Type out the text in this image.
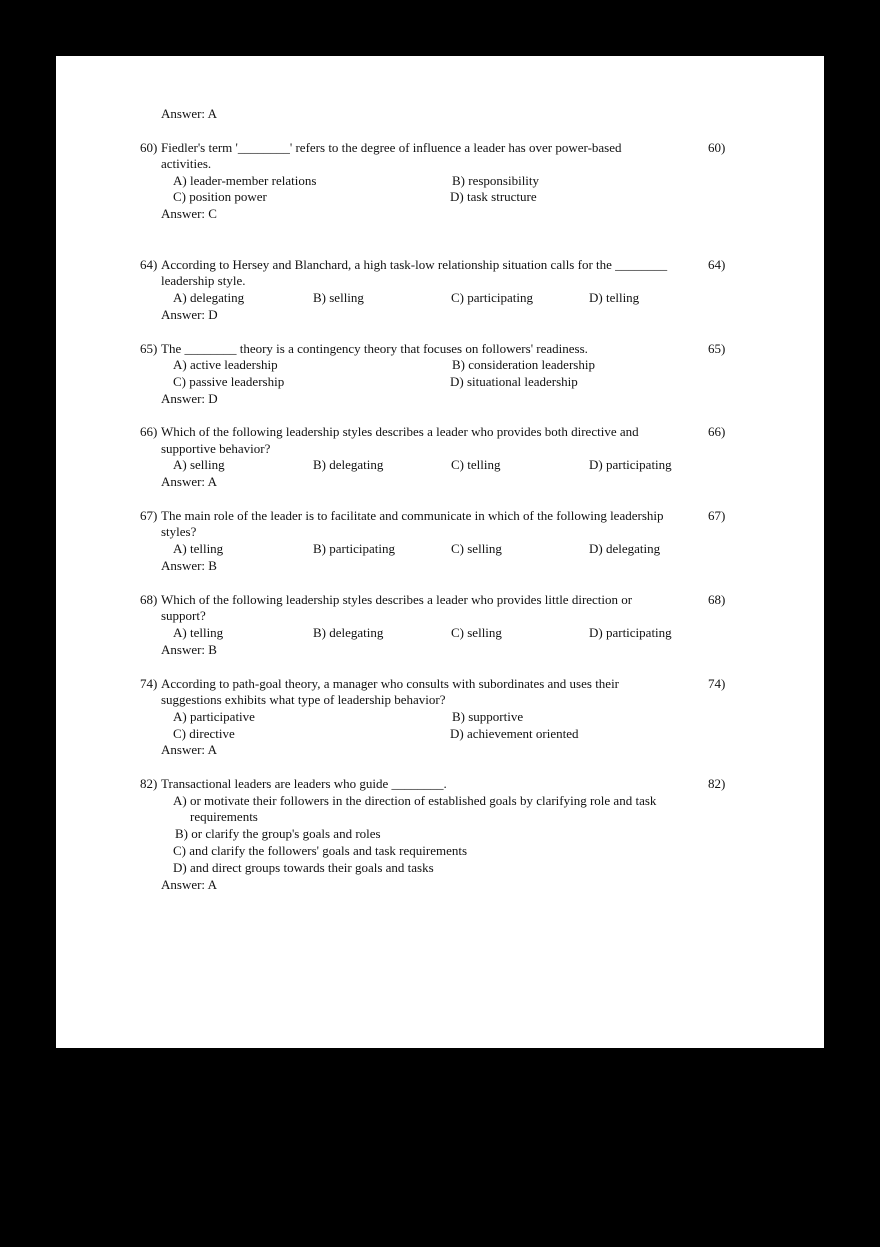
Answer: A
60) Fiedler's term '________' refers to the degree of influence a leader has over power-based
activities.
A) leader-member relations	B) responsibility
C) position power	D) task structure
Answer: C
60)
64) According to Hersey and Blanchard, a high task-low relationship situation calls for the ________
leadership style.
A) delegating	B) selling	C) participating	D) telling
Answer: D
64)
65) The ________ theory is a contingency theory that focuses on followers' readiness.
A) active leadership	B) consideration leadership
C) passive leadership	D) situational leadership
Answer: D
65)
66) Which of the following leadership styles describes a leader who provides both directive and
supportive behavior?
A) selling	B) delegating	C) telling	D) participating
Answer: A
66)
67) The main role of the leader is to facilitate and communicate in which of the following leadership
styles?
A) telling	B) participating	C) selling	D) delegating
Answer: B
67)
68) Which of the following leadership styles describes a leader who provides little direction or
support?
A) telling	B) delegating	C) selling	D) participating
Answer: B
68)
74) According to path-goal theory, a manager who consults with subordinates and uses their
suggestions exhibits what type of leadership behavior?
A) participative	B) supportive
C) directive	D) achievement oriented
Answer: A
74)
82) Transactional leaders are leaders who guide ________.
A) or motivate their followers in the direction of established goals by clarifying role and task
requirements
B) or clarify the group's goals and roles
C) and clarify the followers' goals and task requirements
D) and direct groups towards their goals and tasks
Answer: A
82)
